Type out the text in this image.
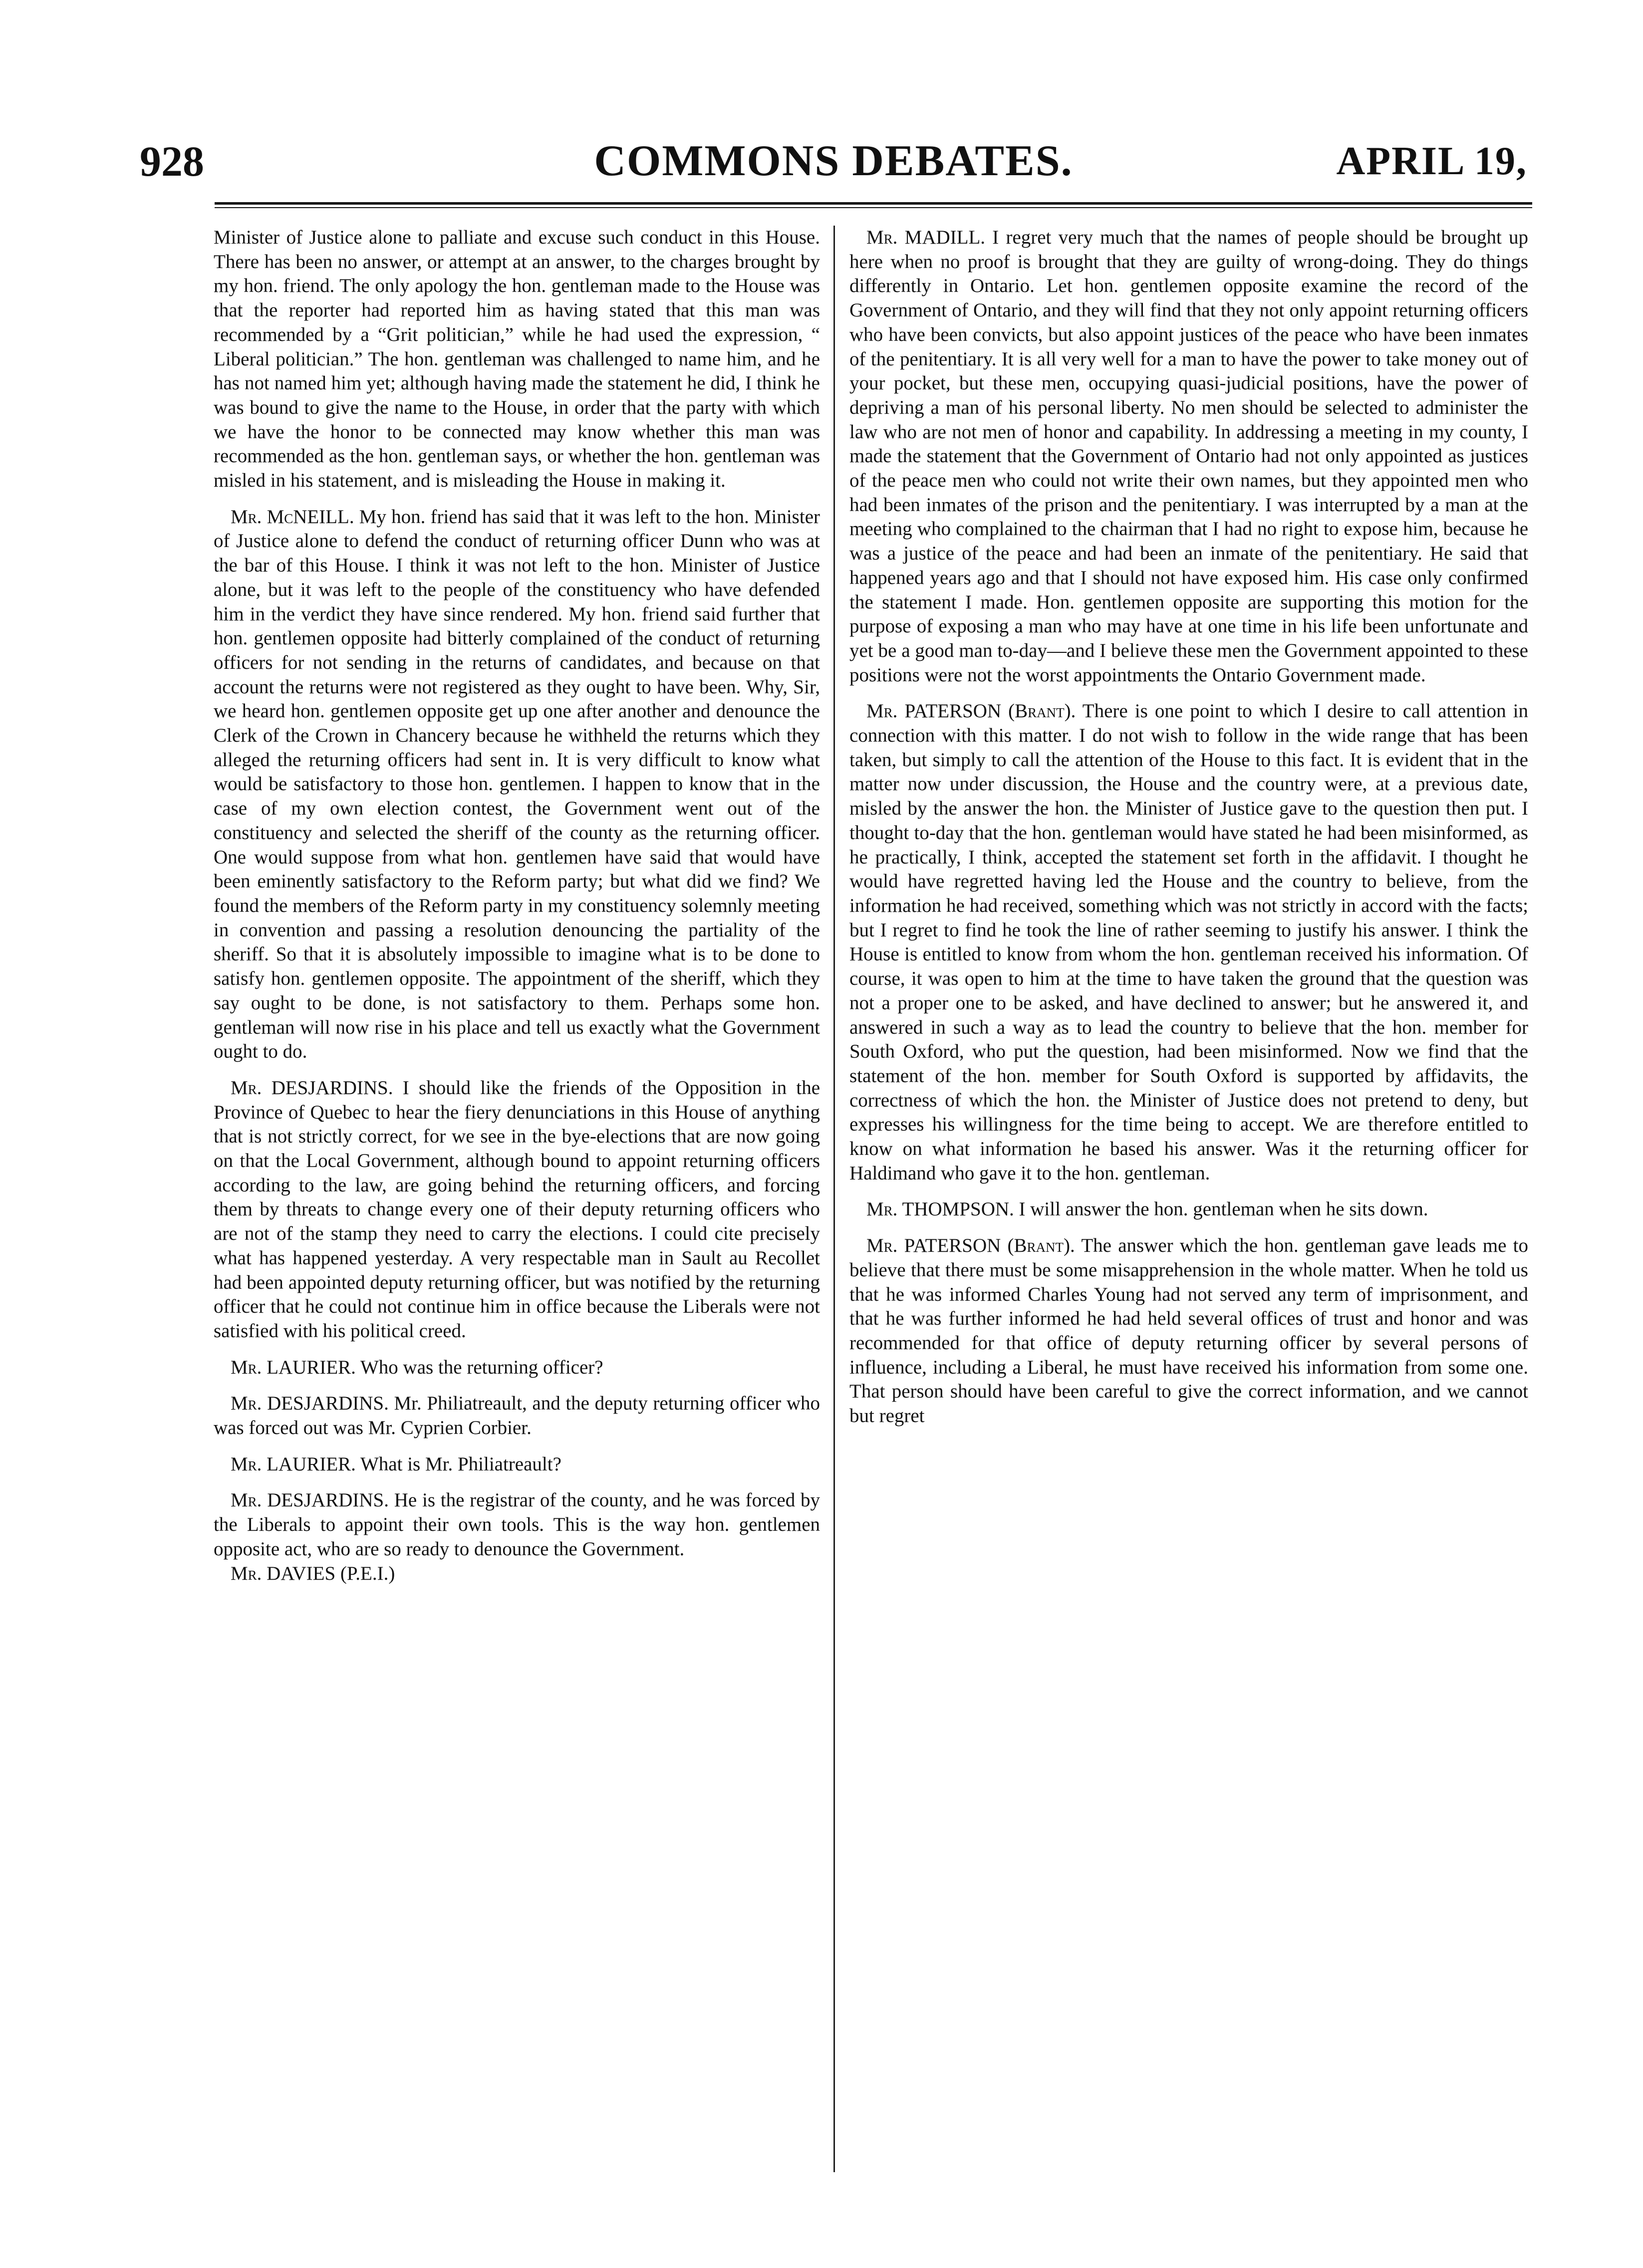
928	COMMONS DEBATES.	APRIL 19,

Minister of Justice alone to palliate and excuse such conduct in this House. There has been no answer, or attempt at an answer, to the charges brought by my hon. friend. The only apology the hon. gentleman made to the House was that the reporter had reported him as having stated that this man was recommended by a “Grit politician,” while he had used the expression, “ Liberal politician.” The hon. gentleman was challenged to name him, and he has not named him yet; although having made the statement he did, I think he was bound to give the name to the House, in order that the party with which we have the honor to be connected may know whether this man was recommended as the hon. gentleman says, or whether the hon. gentleman was misled in his statement, and is misleading the House in making it.

Mr. McNEILL. My hon. friend has said that it was left to the hon. Minister of Justice alone to defend the conduct of returning officer Dunn who was at the bar of this House. I think it was not left to the hon. Minister of Justice alone, but it was left to the people of the constituency who have defended him in the verdict they have since rendered. My hon. friend said further that hon. gentlemen opposite had bitterly complained of the conduct of returning officers for not sending in the returns of candidates, and because on that account the returns were not registered as they ought to have been. Why, Sir, we heard hon. gentlemen opposite get up one after another and denounce the Clerk of the Crown in Chancery because he withheld the returns which they alleged the returning officers had sent in. It is very difficult to know what would be satisfactory to those hon. gentlemen. I happen to know that in the case of my own election contest, the Government went out of the constituency and selected the sheriff of the county as the returning officer. One would suppose from what hon. gentlemen have said that would have been eminently satisfactory to the Reform party; but what did we find? We found the members of the Reform party in my constituency solemnly meeting in convention and passing a resolution denouncing the partiality of the sheriff. So that it is absolutely impossible to imagine what is to be done to satisfy hon. gentlemen opposite. The appointment of the sheriff, which they say ought to be done, is not satisfactory to them. Perhaps some hon. gentleman will now rise in his place and tell us exactly what the Government ought to do.

Mr. DESJARDINS. I should like the friends of the Opposition in the Province of Quebec to hear the fiery denunciations in this House of anything that is not strictly correct, for we see in the bye-elections that are now going on that the Local Government, although bound to appoint returning officers according to the law, are going behind the returning officers, and forcing them by threats to change every one of their deputy returning officers who are not of the stamp they need to carry the elections. I could cite precisely what has happened yesterday. A very respectable man in Sault au Recollet had been appointed deputy returning officer, but was notified by the returning officer that he could not continue him in office because the Liberals were not satisfied with his political creed.

Mr. LAURIER. Who was the returning officer?

Mr. DESJARDINS. Mr. Philiatreault, and the deputy returning officer who was forced out was Mr. Cyprien Corbier.

Mr. LAURIER. What is Mr. Philiatreault?

Mr. DESJARDINS. He is the registrar of the county, and he was forced by the Liberals to appoint their own tools. This is the way hon. gentlemen opposite act, who are so ready to denounce the Government.

Mr. DAVIES (P.E.I.)

Mr. MADILL. I regret very much that the names of people should be brought up here when no proof is brought that they are guilty of wrong-doing. They do things differently in Ontario. Let hon. gentlemen opposite examine the record of the Government of Ontario, and they will find that they not only appoint returning officers who have been convicts, but also appoint justices of the peace who have been inmates of the penitentiary. It is all very well for a man to have the power to take money out of your pocket, but these men, occupying quasi-judicial positions, have the power of depriving a man of his personal liberty. No men should be selected to administer the law who are not men of honor and capability. In addressing a meeting in my county, I made the statement that the Government of Ontario had not only appointed as justices of the peace men who could not write their own names, but they appointed men who had been inmates of the prison and the penitentiary. I was interrupted by a man at the meeting who complained to the chairman that I had no right to expose him, because he was a justice of the peace and had been an inmate of the penitentiary. He said that happened years ago and that I should not have exposed him. His case only confirmed the statement I made. Hon. gentlemen opposite are supporting this motion for the purpose of exposing a man who may have at one time in his life been unfortunate and yet be a good man to-day—and I believe these men the Government appointed to these positions were not the worst appointments the Ontario Government made.

Mr. PATERSON (Brant). There is one point to which I desire to call attention in connection with this matter. I do not wish to follow in the wide range that has been taken, but simply to call the attention of the House to this fact. It is evident that in the matter now under discussion, the House and the country were, at a previous date, misled by the answer the hon. the Minister of Justice gave to the question then put. I thought to-day that the hon. gentleman would have stated he had been misinformed, as he practically, I think, accepted the statement set forth in the affidavit. I thought he would have regretted having led the House and the country to believe, from the information he had received, something which was not strictly in accord with the facts; but I regret to find he took the line of rather seeming to justify his answer. I think the House is entitled to know from whom the hon. gentleman received his information. Of course, it was open to him at the time to have taken the ground that the question was not a proper one to be asked, and have declined to answer; but he answered it, and answered in such a way as to lead the country to believe that the hon. member for South Oxford, who put the question, had been misinformed. Now we find that the statement of the hon. member for South Oxford is supported by affidavits, the correctness of which the hon. the Minister of Justice does not pretend to deny, but expresses his willingness for the time being to accept. We are therefore entitled to know on what information he based his answer. Was it the returning officer for Haldimand who gave it to the hon. gentleman.

Mr. THOMPSON. I will answer the hon. gentleman when he sits down.

Mr. PATERSON (Brant). The answer which the hon. gentleman gave leads me to believe that there must be some misapprehension in the whole matter. When he told us that he was informed Charles Young had not served any term of imprisonment, and that he was further informed he had held several offices of trust and honor and was recommended for that office of deputy returning officer by several persons of influence, including a Liberal, he must have received his information from some one. That person should have been careful to give the correct information, and we cannot but regret
